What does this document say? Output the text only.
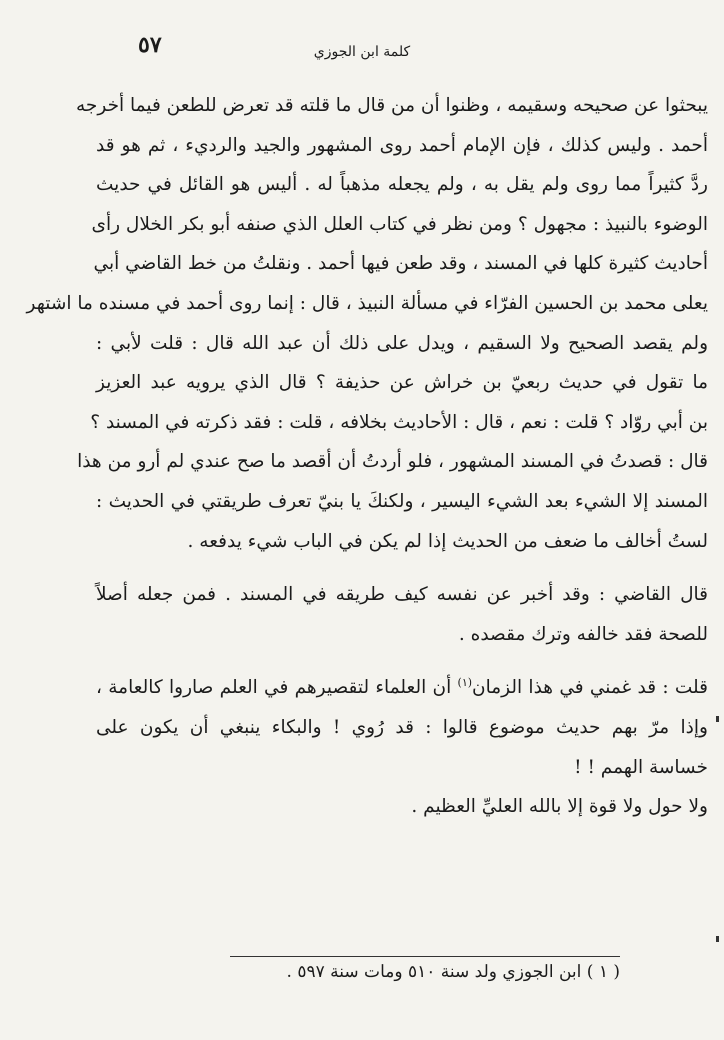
٥٧	كلمة ابن الجوزي
يبحثوا عن صحيحه وسقيمه ، وظنوا أن من قال ما قلته قد تعرض للطعن فيما أخرجه
أحمد . وليس كذلك ، فإن الإمام أحمد روى المشهور والجيد والرديء ، ثم هو قد
ردَّ كثيراً مما روى ولم يقل به ، ولم يجعله مذهباً له . أليس هو القائل في حديث
الوضوء بالنبيذ : مجهول ؟ ومن نظر في كتاب العلل الذي صنفه أبو بكر الخلال رأى
أحاديث كثيرة كلها في المسند ، وقد طعن فيها أحمد . ونقلتُ من خط القاضي أبي
يعلى محمد بن الحسين الفرّاء في مسألة النبيذ ، قال : إنما روى أحمد في مسنده ما اشتهر
ولم يقصد الصحيح ولا السقيم ، ويدل على ذلك أن عبد الله قال : قلت لأبي :
ما تقول في حديث ربعيّ بن خراش عن حذيفة ؟ قال الذي يرويه عبد العزيز
بن أبي روّاد ؟ قلت : نعم ، قال : الأحاديث بخلافه ، قلت : فقد ذكرته في المسند ؟
قال : قصدتُ في المسند المشهور ، فلو أردتُ أن أقصد ما صح عندي لم أرو من هذا
المسند إلا الشيء بعد الشيء اليسير ، ولكنكَ يا بنيّ تعرف طريقتي في الحديث :
لستُ أخالف ما ضعف من الحديث إذا لم يكن في الباب شيء يدفعه .
قال القاضي : وقد أخبر عن نفسه كيف طريقه في المسند . فمن جعله أصلاً
للصحة فقد خالفه وترك مقصده .
قلت : قد غمني في هذا الزمان$^{(١)}$ أن العلماء لتقصيرهم في العلم صاروا كالعامة ،
وإذا مرّ بهم حديث موضوع قالوا : قد رُوي ! والبكاء ينبغي أن يكون على
خساسة الهمم ! !
ولا حول ولا قوة إلا بالله العليِّ العظيم .
( ١ ) ابن الجوزي ولد سنة ٥١٠ ومات سنة ٥٩٧ .
